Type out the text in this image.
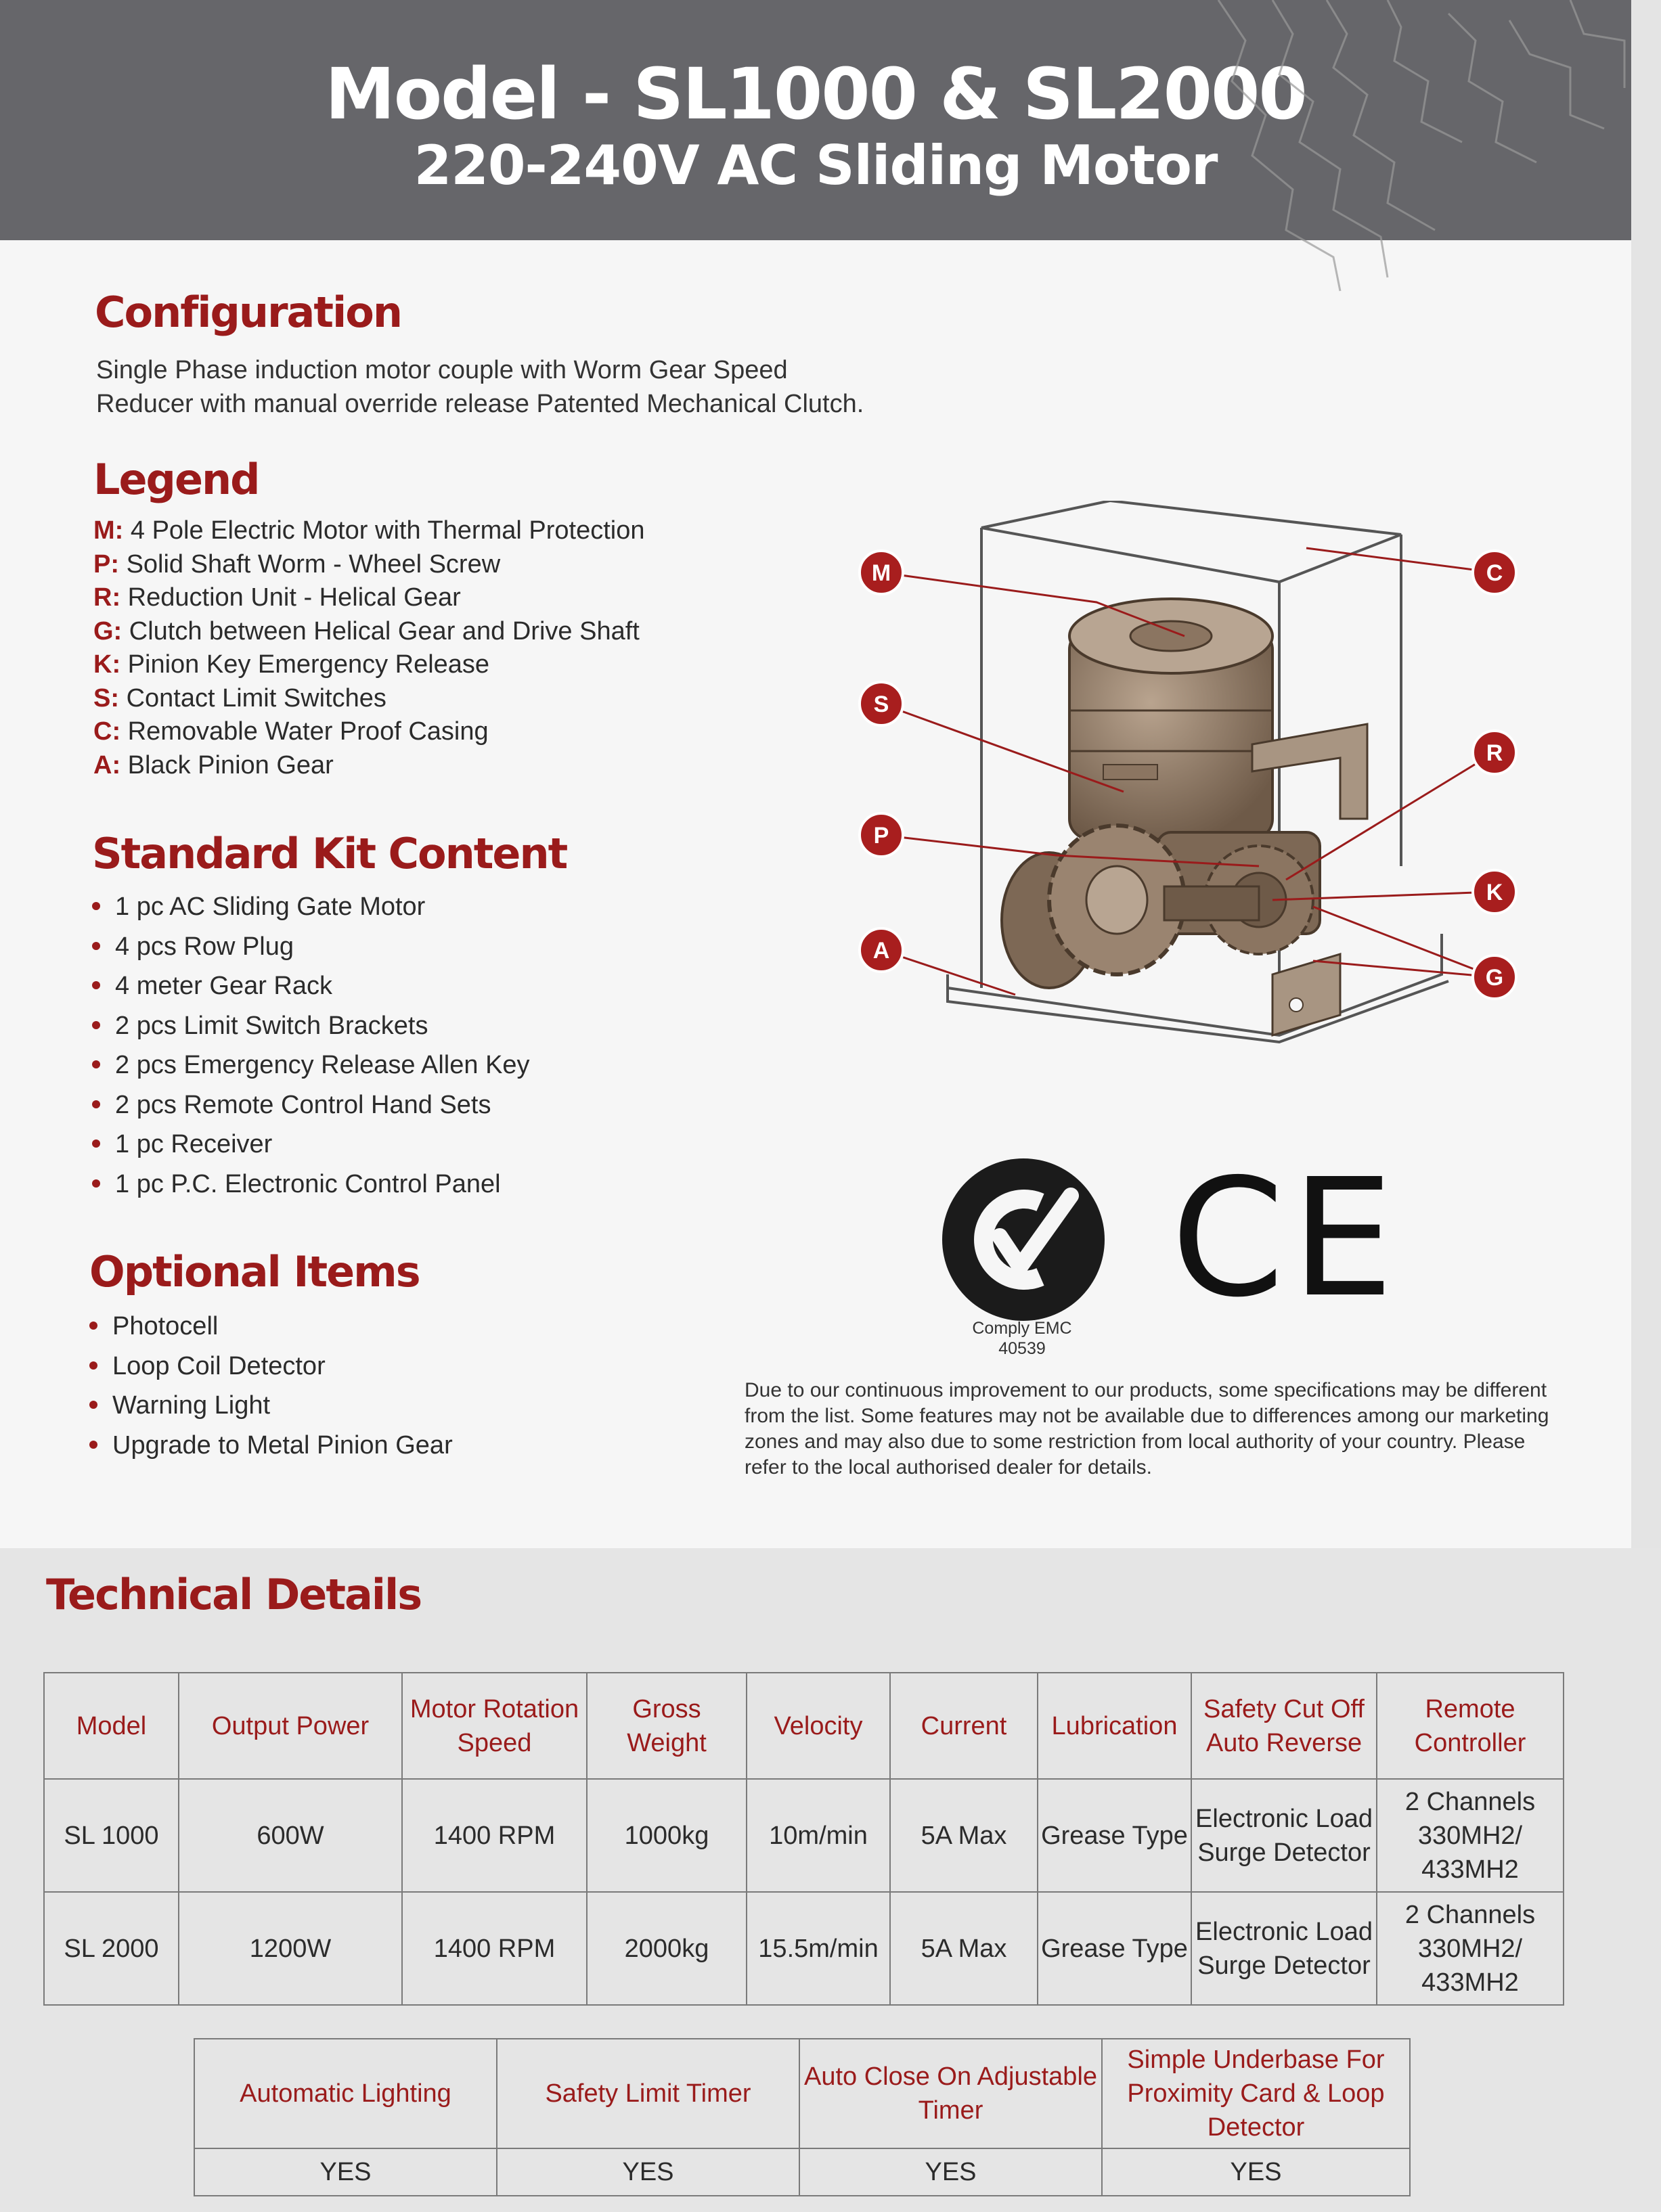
Model - SL1000 & SL2000
220-240V AC Sliding Motor
Configuration
Single Phase induction motor couple with Worm Gear Speed
Reducer with manual override release Patented Mechanical Clutch.
Legend
M: 4 Pole Electric Motor with Thermal Protection
P: Solid Shaft Worm - Wheel Screw
R: Reduction Unit - Helical Gear
G: Clutch between Helical Gear and Drive Shaft
K: Pinion Key Emergency Release
S: Contact Limit Switches
C: Removable Water Proof Casing
A: Black Pinion Gear
Standard Kit Content
1 pc AC Sliding Gate Motor
4 pcs Row Plug
4 meter Gear Rack
2 pcs Limit Switch Brackets
2 pcs Emergency Release Allen Key
2 pcs Remote Control Hand Sets
1 pc Receiver
1 pc P.C. Electronic Control Panel
Optional Items
Photocell
Loop Coil Detector
Warning Light
Upgrade to Metal Pinion Gear
M
S
P
A
C
R
K
G
CE
Comply EMC
40539
Due to our continuous improvement to our products, some specifications may be different from the list. Some features may not be available due to differences among our marketing zones and may also due to some restriction from local authority of your country. Please refer to the local authorised dealer for details.
Technical Details
Model	Output Power	Motor Rotation Speed	Gross Weight	Velocity	Current	Lubrication	Safety Cut Off Auto Reverse	Remote Controller
SL 1000	600W	1400 RPM	1000kg	10m/min	5A Max	Grease Type	Electronic Load Surge Detector	2 Channels 330MH2/ 433MH2
SL 2000	1200W	1400 RPM	2000kg	15.5m/min	5A Max	Grease Type	Electronic Load Surge Detector	2 Channels 330MH2/ 433MH2
Automatic Lighting	Safety Limit Timer	Auto Close On Adjustable Timer	Simple Underbase For Proximity Card & Loop Detector
YES	YES	YES	YES
